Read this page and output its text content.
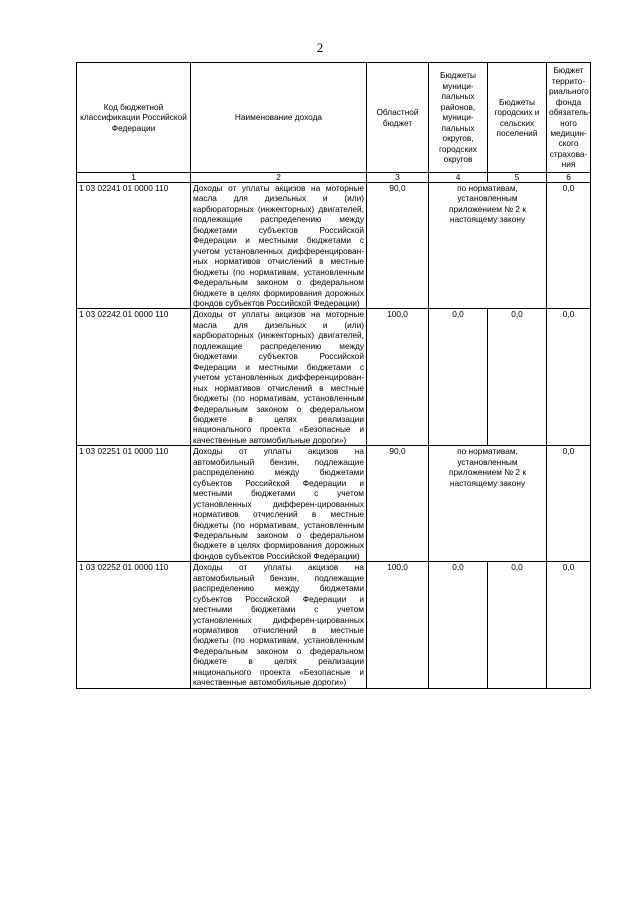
2
Код бюджетной классификации Российской Федерации	Наименование дохода	Областной бюджет	Бюджеты муници-пальных районов, муници-пальных округов, городских округов	Бюджеты городских и сельских поселений	Бюджет террито-риального фонда обязатель-ного медицин-ского страхова-ния
1	2	3	4	5	6
1 03 02241 01 0000 110	Доходы от уплаты акцизов на моторные масла для дизельных и (или) карбюраторных (инжекторных) двигателей, подлежащие распределению между бюджетами субъектов Российской Федерации и местными бюджетами с учетом установленных дифференцирован-ных нормативов отчислений в местные бюджеты (по нормативам, установленным Федеральным законом о федеральном бюджете в целях формирования дорожных фондов субъектов Российской Федерации)	90,0	по нормативам, установленным приложением № 2 к настоящему закону		0,0
1 03 02242 01 0000 110	Доходы от уплаты акцизов на моторные масла для дизельных и (или) карбюраторных (инжекторных) двигателей, подлежащие распределению между бюджетами субъектов Российской Федерации и местными бюджетами с учетом установленных дифференцирован-ных нормативов отчислений в местные бюджеты (по нормативам, установленным Федеральным законом о федеральном бюджете в целях реализации национального проекта «Безопасные и качественные автомобильные дороги»)	100,0	0,0	0,0	0,0
1 03 02251 01 0000 110	Доходы от уплаты акцизов на автомобильный бензин, подлежащие распределению между бюджетами субъектов Российской Федерации и местными бюджетами с учетом установленных дифферен-цированных нормативов отчислений в местные бюджеты (по нормативам, установленным Федеральным законом о федеральном бюджете в целях формирования дорожных фондов субъектов Российской Федерации)	90,0	по нормативам, установленным приложением № 2 к настоящему закону		0,0
1 03 02252 01 0000 110	Доходы от уплаты акцизов на автомобильный бензин, подлежащие распределению между бюджетами субъектов Российской Федерации и местными бюджетами с учетом установленных дифферен-цированных нормативов отчислений в местные бюджеты (по нормативам, установленным Федеральным законом о федеральном бюджете в целях реализации национального проекта «Безопасные и качественные автомобильные дороги»)	100,0	0,0	0,0	0,0
